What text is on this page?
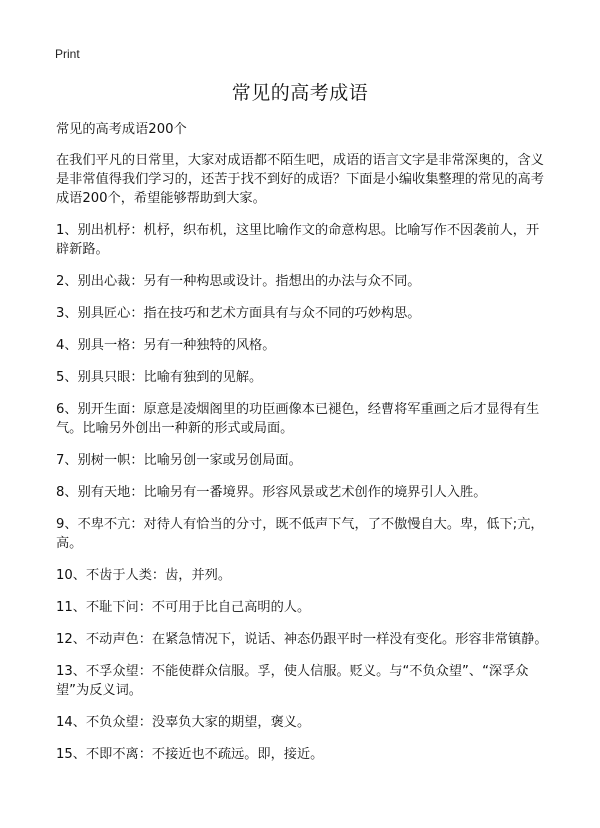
Print
常见的高考成语

常见的高考成语200个

在我们平凡的日常里，大家对成语都不陌生吧，成语的语言文字是非常深奥的，含义是非常值得我们学习的，还苦于找不到好的成语？下面是小编收集整理的常见的高考成语200个，希望能够帮助到大家。

1、别出机杼：机杼，织布机，这里比喻作文的命意构思。比喻写作不因袭前人，开辟新路。
2、别出心裁：另有一种构思或设计。指想出的办法与众不同。
3、别具匠心：指在技巧和艺术方面具有与众不同的巧妙构思。
4、别具一格：另有一种独特的风格。
5、别具只眼：比喻有独到的见解。
6、别开生面：原意是凌烟阁里的功臣画像本已褪色，经曹将军重画之后才显得有生气。比喻另外创出一种新的形式或局面。
7、别树一帜：比喻另创一家或另创局面。
8、别有天地：比喻另有一番境界。形容风景或艺术创作的境界引人入胜。
9、不卑不亢：对待人有恰当的分寸，既不低声下气，了不傲慢自大。卑，低下;亢，高。
10、不齿于人类：齿，并列。
11、不耻下问：不可用于比自己高明的人。
12、不动声色：在紧急情况下，说话、神态仍跟平时一样没有变化。形容非常镇静。
13、不孚众望：不能使群众信服。孚，使人信服。贬义。与“不负众望”、“深孚众望”为反义词。
14、不负众望：没辜负大家的期望，褒义。
15、不即不离：不接近也不疏远。即，接近。
